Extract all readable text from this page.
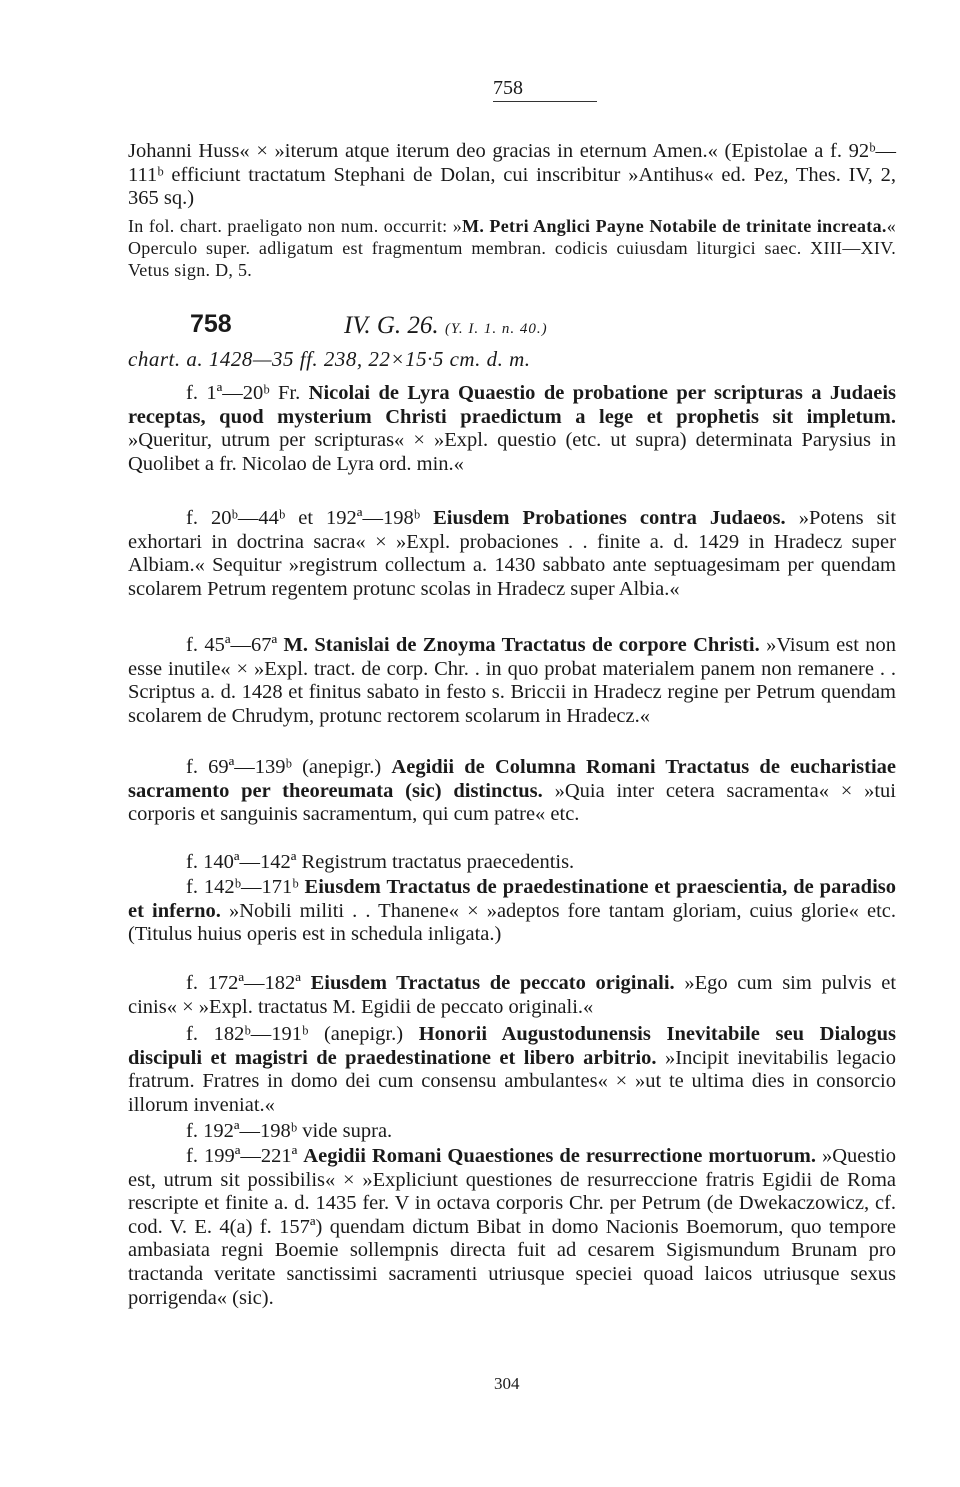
758
Johanni Huss« × »iterum atque iterum deo gracias in eternum Amen.« (Epistolae a f. 92ᵇ—111ᵇ efficiunt tractatum Stephani de Dolan, cui inscribitur »Antihus« ed. Pez, Thes. IV, 2, 365 sq.)
In fol. chart. praeligato non num. occurrit: »M. Petri Anglici Payne Notabile de trinitate increata.« Operculo super. adligatum est fragmentum membran. codicis cuiusdam liturgici saec. XIII—XIV. Vetus sign. D, 5.
758	IV. G. 26. (Y. I. 1. n. 40.)
chart. a. 1428—35 ff. 238, 22×15·5 cm. d. m.
f. 1ª—20ᵇ Fr. Nicolai de Lyra Quaestio de probatione per scripturas a Judaeis receptas, quod mysterium Christi praedictum a lege et prophetis sit impletum. »Queritur, utrum per scripturas« × »Expl. questio (etc. ut supra) determinata Parysius in Quolibet a fr. Nicolao de Lyra ord. min.«
f. 20ᵇ—44ᵇ et 192ª—198ᵇ Eiusdem Probationes contra Judaeos. »Potens sit exhortari in doctrina sacra« × »Expl. probaciones . . finite a. d. 1429 in Hradecz super Albiam.« Sequitur »registrum collectum a. 1430 sabbato ante septuagesimam per quendam scolarem Petrum regentem protunc scolas in Hradecz super Albia.«
f. 45ª—67ª M. Stanislai de Znoyma Tractatus de corpore Christi. »Visum est non esse inutile« × »Expl. tract. de corp. Chr. . in quo probat materialem panem non remanere . . Scriptus a. d. 1428 et finitus sabato in festo s. Briccii in Hradecz regine per Petrum quendam scolarem de Chrudym, protunc rectorem scolarum in Hradecz.«
f. 69ª—139ᵇ (anepigr.) Aegidii de Columna Romani Tractatus de eucharistiae sacramento per theoreumata (sic) distinctus. »Quia inter cetera sacramenta« × »tui corporis et sanguinis sacramentum, qui cum patre« etc.
f. 140ª—142ª Registrum tractatus praecedentis.
f. 142ᵇ—171ᵇ Eiusdem Tractatus de praedestinatione et praescientia, de paradiso et inferno. »Nobili militi . . Thanene« × »adeptos fore tantam gloriam, cuius glorie« etc. (Titulus huius operis est in schedula inligata.)
f. 172ª—182ª Eiusdem Tractatus de peccato originali. »Ego cum sim pulvis et cinis« × »Expl. tractatus M. Egidii de peccato originali.«
f. 182ᵇ—191ᵇ (anepigr.) Honorii Augustodunensis Inevitabile seu Dialogus discipuli et magistri de praedestinatione et libero arbitrio. »Incipit inevitabilis legacio fratrum. Fratres in domo dei cum consensu ambulantes« × »ut te ultima dies in consorcio illorum inveniat.«
f. 192ª—198ᵇ vide supra.
f. 199ª—221ª Aegidii Romani Quaestiones de resurrectione mortuorum. »Questio est, utrum sit possibilis« × »Expliciunt questiones de resurreccione fratris Egidii de Roma rescripte et finite a. d. 1435 fer. V in octava corporis Chr. per Petrum (de Dwekaczowicz, cf. cod. V. E. 4(a) f. 157ª) quendam dictum Bibat in domo Nacionis Boemorum, quo tempore ambasiata regni Boemie sollempnis directa fuit ad cesarem Sigismundum Brunam pro tractanda veritate sanctissimi sacramenti utriusque speciei quoad laicos utriusque sexus porrigenda« (sic).
304
